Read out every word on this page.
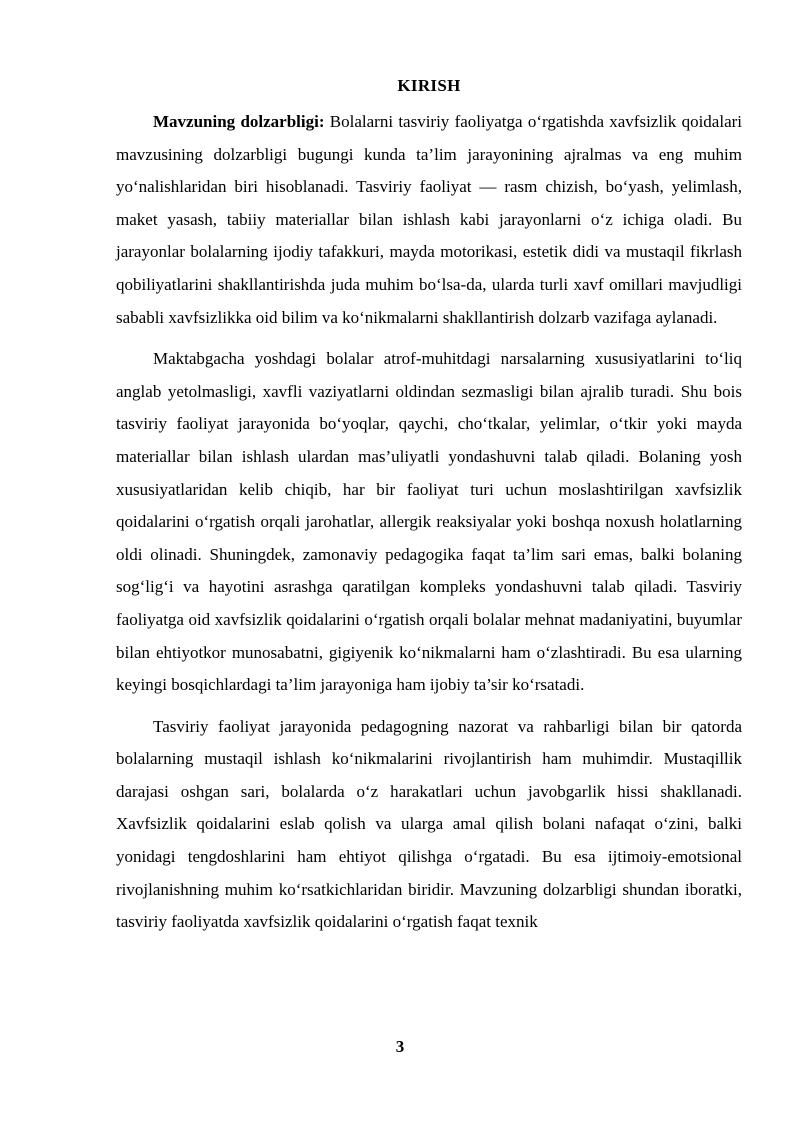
KIRISH

Mavzuning dolzarbligi: Bolalarni tasviriy faoliyatga o‘rgatishda xavfsizlik qoidalari mavzusining dolzarbligi bugungi kunda ta’lim jarayonining ajralmas va eng muhim yo‘nalishlaridan biri hisoblanadi. Tasviriy faoliyat — rasm chizish, bo‘yash, yelimlash, maket yasash, tabiiy materiallar bilan ishlash kabi jarayonlarni o‘z ichiga oladi. Bu jarayonlar bolalarning ijodiy tafakkuri, mayda motorikasi, estetik didi va mustaqil fikrlash qobiliyatlarini shakllantirishda juda muhim bo‘lsa-da, ularda turli xavf omillari mavjudligi sababli xavfsizlikka oid bilim va ko‘nikmalarni shakllantirish dolzarb vazifaga aylanadi.

Maktabgacha yoshdagi bolalar atrof-muhitdagi narsalarning xususiyatlarini to‘liq anglab yetolmasligi, xavfli vaziyatlarni oldindan sezmasligi bilan ajralib turadi. Shu bois tasviriy faoliyat jarayonida bo‘yoqlar, qaychi, cho‘tkalar, yelimlar, o‘tkir yoki mayda materiallar bilan ishlash ulardan mas’uliyatli yondashuvni talab qiladi. Bolaning yosh xususiyatlaridan kelib chiqib, har bir faoliyat turi uchun moslashtirilgan xavfsizlik qoidalarini o‘rgatish orqali jarohatlar, allergik reaksiyalar yoki boshqa noxush holatlarning oldi olinadi. Shuningdek, zamonaviy pedagogika faqat ta’lim sari emas, balki bolaning sog‘lig‘i va hayotini asrashga qaratilgan kompleks yondashuvni talab qiladi. Tasviriy faoliyatga oid xavfsizlik qoidalarini o‘rgatish orqali bolalar mehnat madaniyatini, buyumlar bilan ehtiyotkor munosabatni, gigiyenik ko‘nikmalarni ham o‘zlashtiradi. Bu esa ularning keyingi bosqichlardagi ta’lim jarayoniga ham ijobiy ta’sir ko‘rsatadi.

Tasviriy faoliyat jarayonida pedagogning nazorat va rahbarligi bilan bir qatorda bolalarning mustaqil ishlash ko‘nikmalarini rivojlantirish ham muhimdir. Mustaqillik darajasi oshgan sari, bolalarda o‘z harakatlari uchun javobgarlik hissi shakllanadi. Xavfsizlik qoidalarini eslab qolish va ularga amal qilish bolani nafaqat o‘zini, balki yonidagi tengdoshlarini ham ehtiyot qilishga o‘rgatadi. Bu esa ijtimoiy-emotsional rivojlanishning muhim ko‘rsatkichlaridan biridir. Mavzuning dolzarbligi shundan iboratki, tasviriy faoliyatda xavfsizlik qoidalarini o‘rgatish faqat texnik

3
